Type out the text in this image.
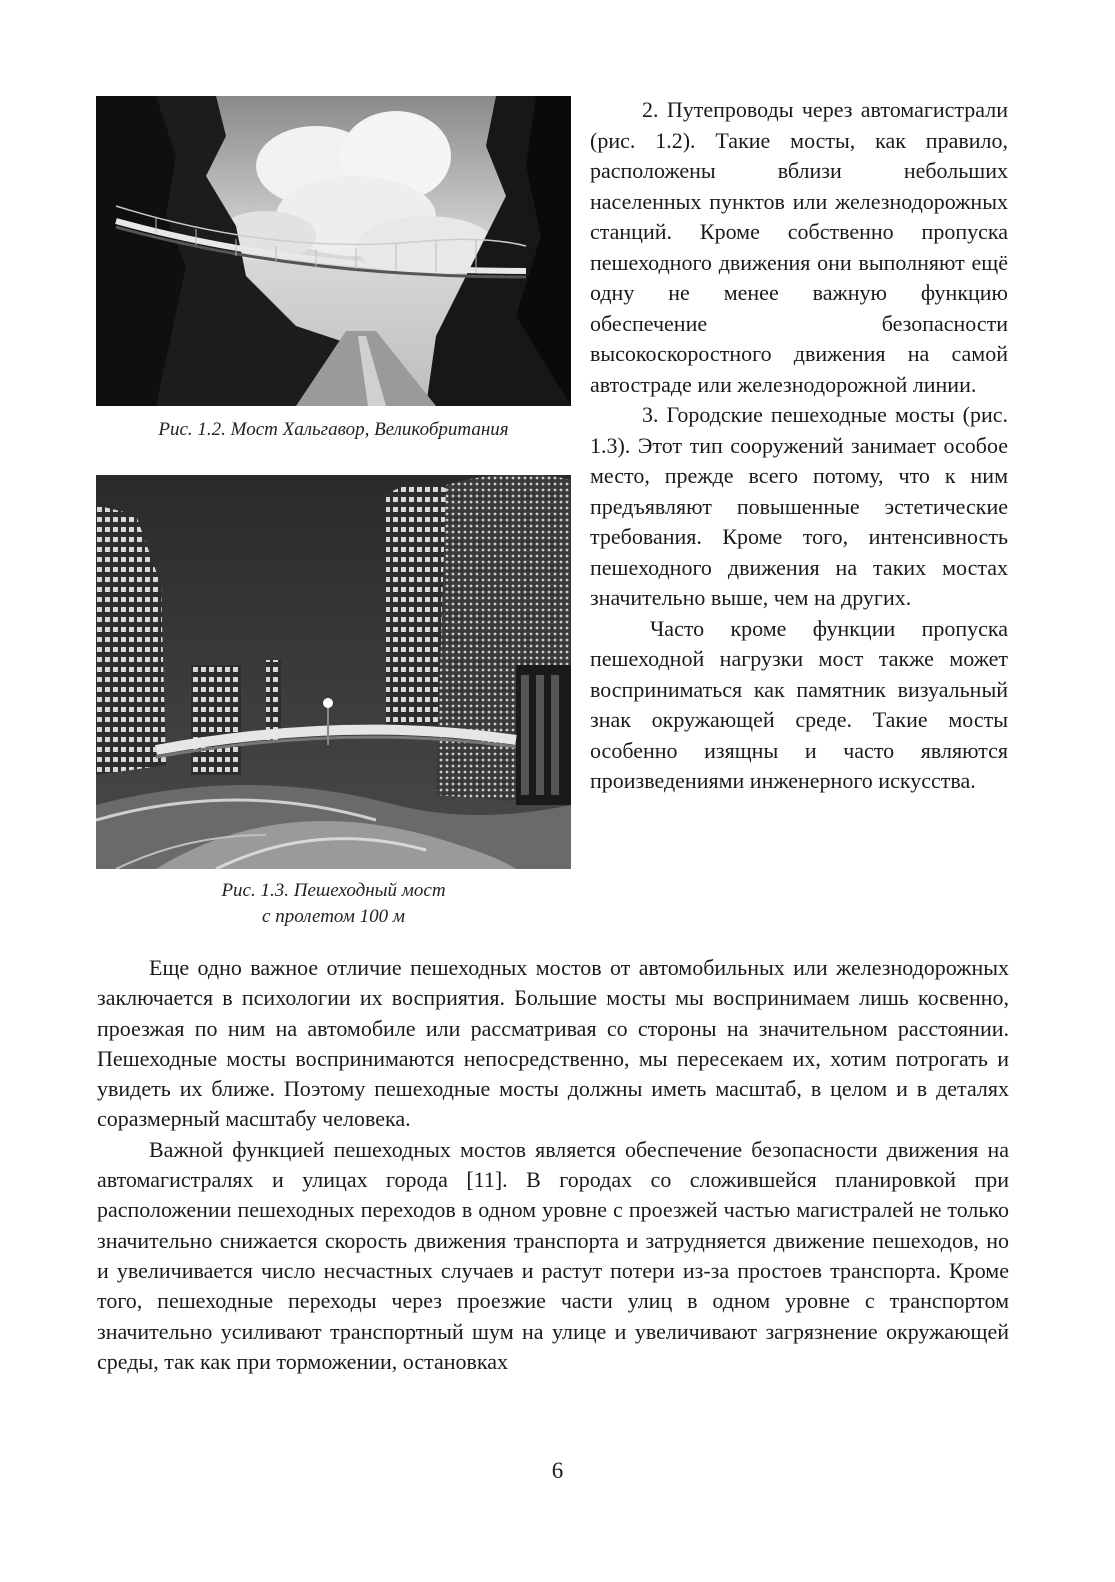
Рис. 1.2. Мост Хальгавор, Великобритания
Рис. 1.3. Пешеходный мост
с пролетом 100 м

2. Путепроводы через автомагистрали (рис. 1.2). Такие мосты, как правило, расположены вблизи небольших населенных пунктов или железнодорожных станций. Кроме собственно пропуска пешеходного движения они выполняют ещё одну не менее важную функцию обеспечение безопасности высокоскоростного движения на самой автостраде или железнодорожной линии.

3. Городские пешеходные мосты (рис. 1.3). Этот тип сооружений занимает особое место, прежде всего потому, что к ним предъявляют повышенные эстетические требования. Кроме того, интенсивность пешеходного движения на таких мостах значительно выше, чем на других.

Часто кроме функции пропуска пешеходной нагрузки мост также может восприниматься как памятник визуальный знак окружающей среде. Такие мосты особенно изящны и часто являются произведениями инженерного искусства.

Еще одно важное отличие пешеходных мостов от автомобильных или железнодорожных заключается в психологии их восприятия. Большие мосты мы воспринимаем лишь косвенно, проезжая по ним на автомобиле или рассматривая со стороны на значительном расстоянии. Пешеходные мосты воспринимаются непосредственно, мы пересекаем их, хотим потрогать и увидеть их ближе. Поэтому пешеходные мосты должны иметь масштаб, в целом и в деталях соразмерный масштабу человека.

Важной функцией пешеходных мостов является обеспечение безопасности движения на автомагистралях и улицах города [11]. В городах со сложившейся планировкой при расположении пешеходных переходов в одном уровне с проезжей частью магистралей не только значительно снижается скорость движения транспорта и затрудняется движение пешеходов, но и увеличивается число несчастных случаев и растут потери из-за простоев транспорта. Кроме того, пешеходные переходы через проезжие части улиц в одном уровне с транспортом значительно усиливают транспортный шум на улице и увеличивают загрязнение окружающей среды, так как при торможении, остановках

6
